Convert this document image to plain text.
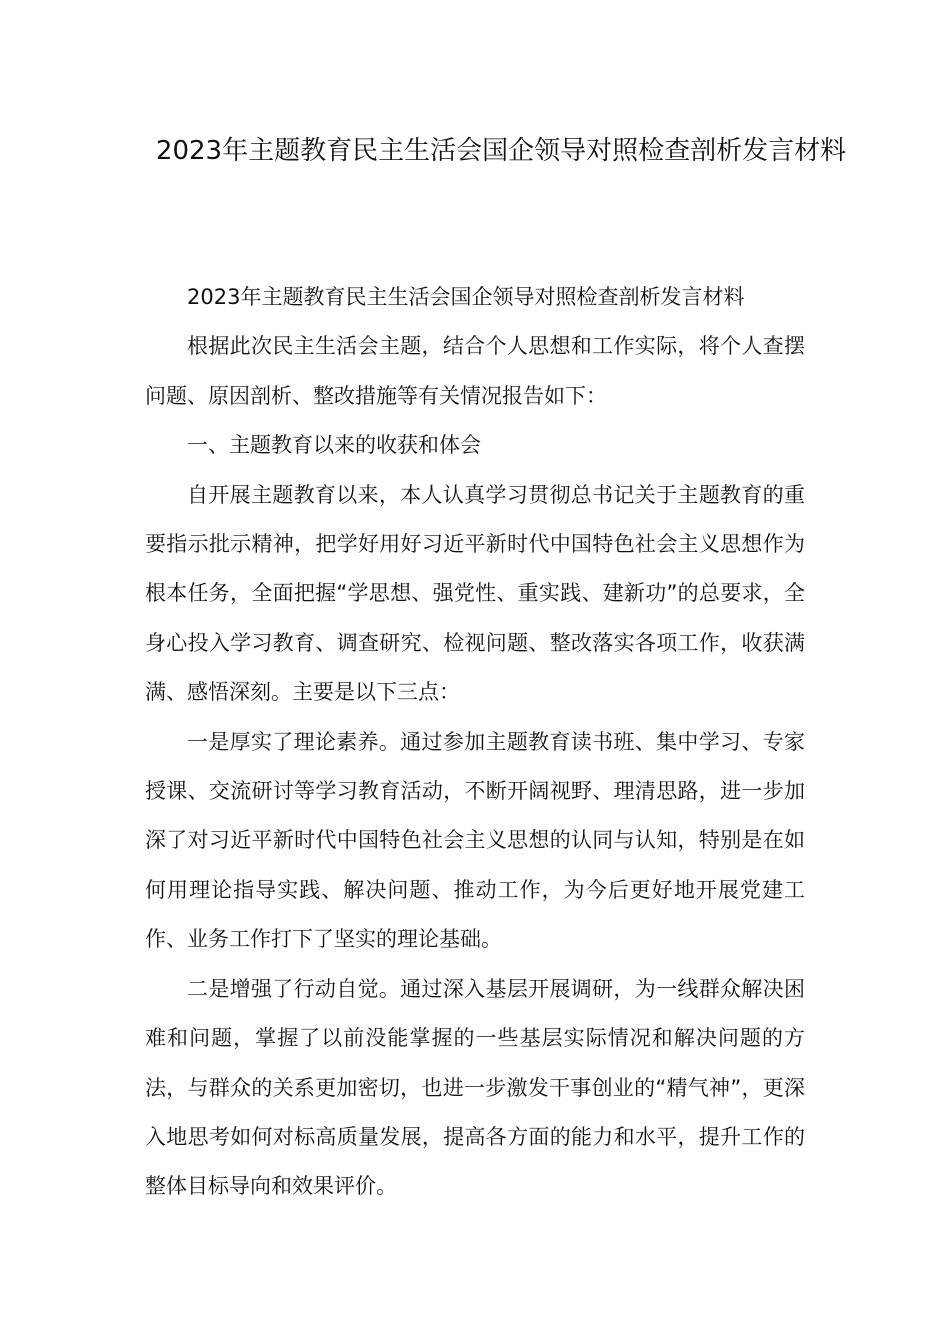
2023年主题教育民主生活会国企领导对照检查剖析发言材料

2023年主题教育民主生活会国企领导对照检查剖析发言材料

根据此次民主生活会主题，结合个人思想和工作实际，将个人查摆问题、原因剖析、整改措施等有关情况报告如下：

一、主题教育以来的收获和体会

自开展主题教育以来，本人认真学习贯彻总书记关于主题教育的重要指示批示精神，把学好用好习近平新时代中国特色社会主义思想作为根本任务，全面把握“学思想、强党性、重实践、建新功”的总要求，全身心投入学习教育、调查研究、检视问题、整改落实各项工作，收获满满、感悟深刻。主要是以下三点：

一是厚实了理论素养。通过参加主题教育读书班、集中学习、专家授课、交流研讨等学习教育活动，不断开阔视野、理清思路，进一步加深了对习近平新时代中国特色社会主义思想的认同与认知，特别是在如何用理论指导实践、解决问题、推动工作，为今后更好地开展党建工作、业务工作打下了坚实的理论基础。

二是增强了行动自觉。通过深入基层开展调研，为一线群众解决困难和问题，掌握了以前没能掌握的一些基层实际情况和解决问题的方法，与群众的关系更加密切，也进一步激发干事创业的“精气神”，更深入地思考如何对标高质量发展，提高各方面的能力和水平，提升工作的整体目标导向和效果评价。
